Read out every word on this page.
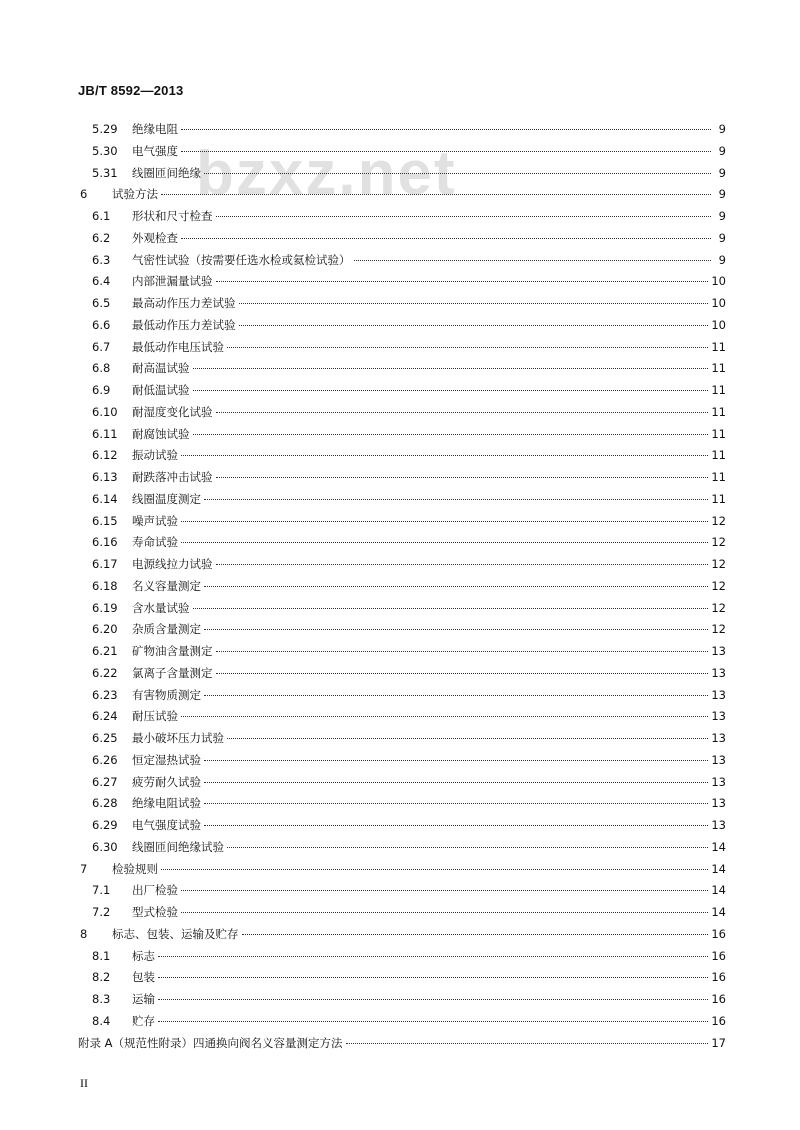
JB/T 8592—2013

bzxz.net
5.29 绝缘电阻	9
5.30 电气强度	9
5.31 线圈匝间绝缘	9
6	试验方法	9
6.1	形状和尺寸检查	9
6.2	外观检查	9
6.3	气密性试验（按需要任选水检或氦检试验）	9
6.4	内部泄漏量试验	10
6.5	最高动作压力差试验	10
6.6	最低动作压力差试验	10
6.7	最低动作电压试验	11
6.8	耐高温试验	11
6.9	耐低温试验	11
6.10 耐湿度变化试验	11
6.11 耐腐蚀试验	11
6.12 振动试验	11
6.13 耐跌落冲击试验	11
6.14 线圈温度测定	11
6.15 噪声试验	12
6.16 寿命试验	12
6.17 电源线拉力试验	12
6.18 名义容量测定	12
6.19 含水量试验	12
6.20 杂质含量测定	12
6.21 矿物油含量测定	13
6.22 氯离子含量测定	13
6.23 有害物质测定	13
6.24 耐压试验	13
6.25 最小破坏压力试验	13
6.26 恒定湿热试验	13
6.27 疲劳耐久试验	13
6.28 绝缘电阻试验	13
6.29 电气强度试验	13
6.30 线圈匝间绝缘试验	14
7	检验规则	14
7.1	出厂检验	14
7.2	型式检验	14
8	标志、包装、运输及贮存	16
8.1	标志	16
8.2	包装	16
8.3	运输	16
8.4	贮存	16
附录 A（规范性附录）四通换向阀名义容量测定方法	17

II
